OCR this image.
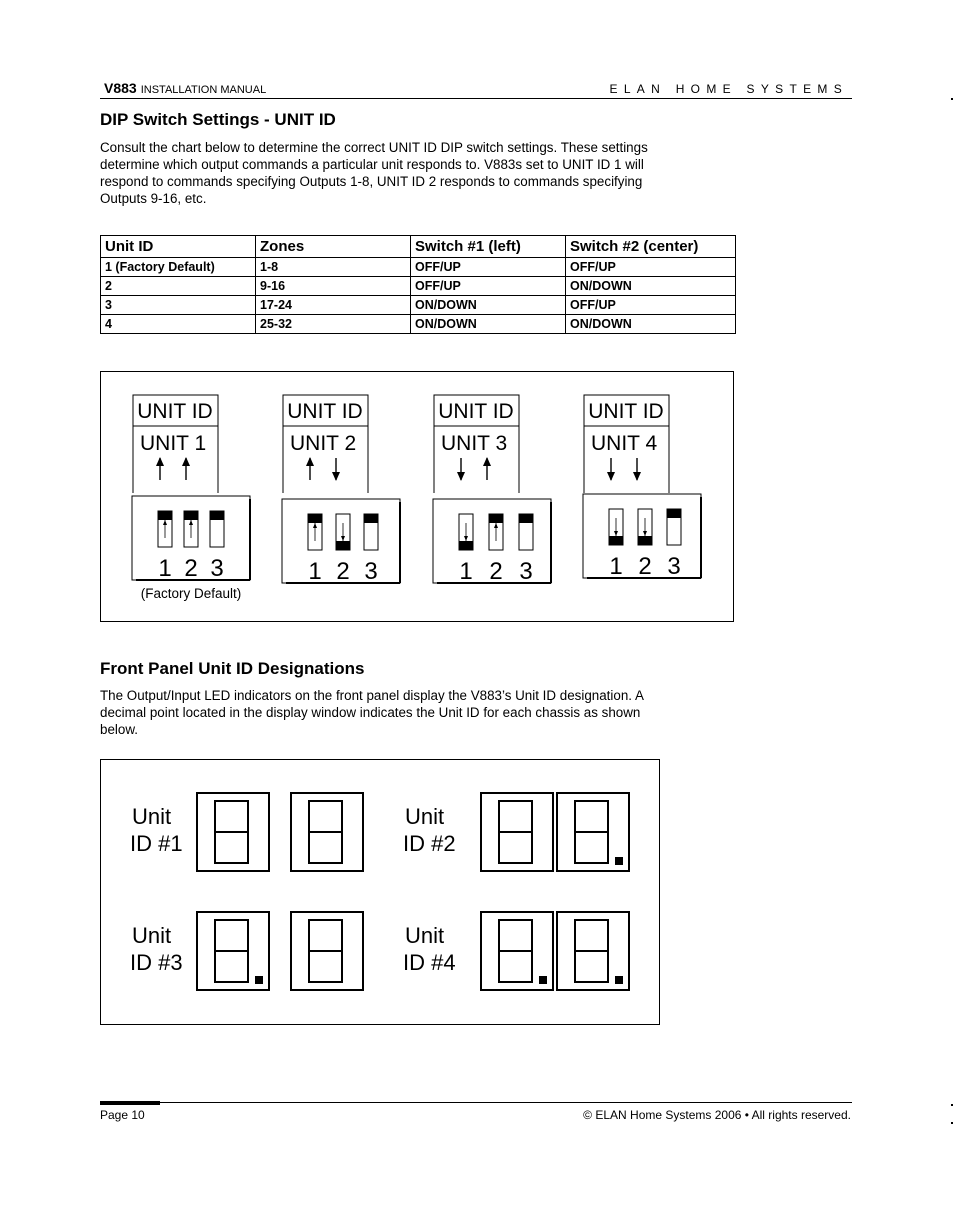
V883 INSTALLATION MANUAL	ELAN HOME SYSTEMS
DIP Switch Settings - UNIT ID
Consult the chart below to determine the correct UNIT ID DIP switch settings. These settings determine which output commands a particular unit responds to. V883s set to UNIT ID 1 will respond to commands specifying Outputs 1-8, UNIT ID 2 responds to commands specifying Outputs 9-16, etc.
Unit ID	Zones	Switch #1 (left)	Switch #2 (center)
1 (Factory Default)	1-8	OFF/UP	OFF/UP
2	9-16	OFF/UP	ON/DOWN
3	17-24	ON/DOWN	OFF/UP
4	25-32	ON/DOWN	ON/DOWN
UNIT ID
UNIT 1
1 2 3
(Factory Default)
UNIT ID
UNIT 2
1 2 3
UNIT ID
UNIT 3
1 2 3
UNIT ID
UNIT 4
1 2 3
Front Panel Unit ID Designations
The Output/Input LED indicators on the front panel display the V883’s Unit ID designation. A decimal point located in the display window indicates the Unit ID for each chassis as shown below.
Unit
ID #1
Unit
ID #2
Unit
ID #3
Unit
ID #4
Page 10	© ELAN Home Systems 2006 • All rights reserved.
